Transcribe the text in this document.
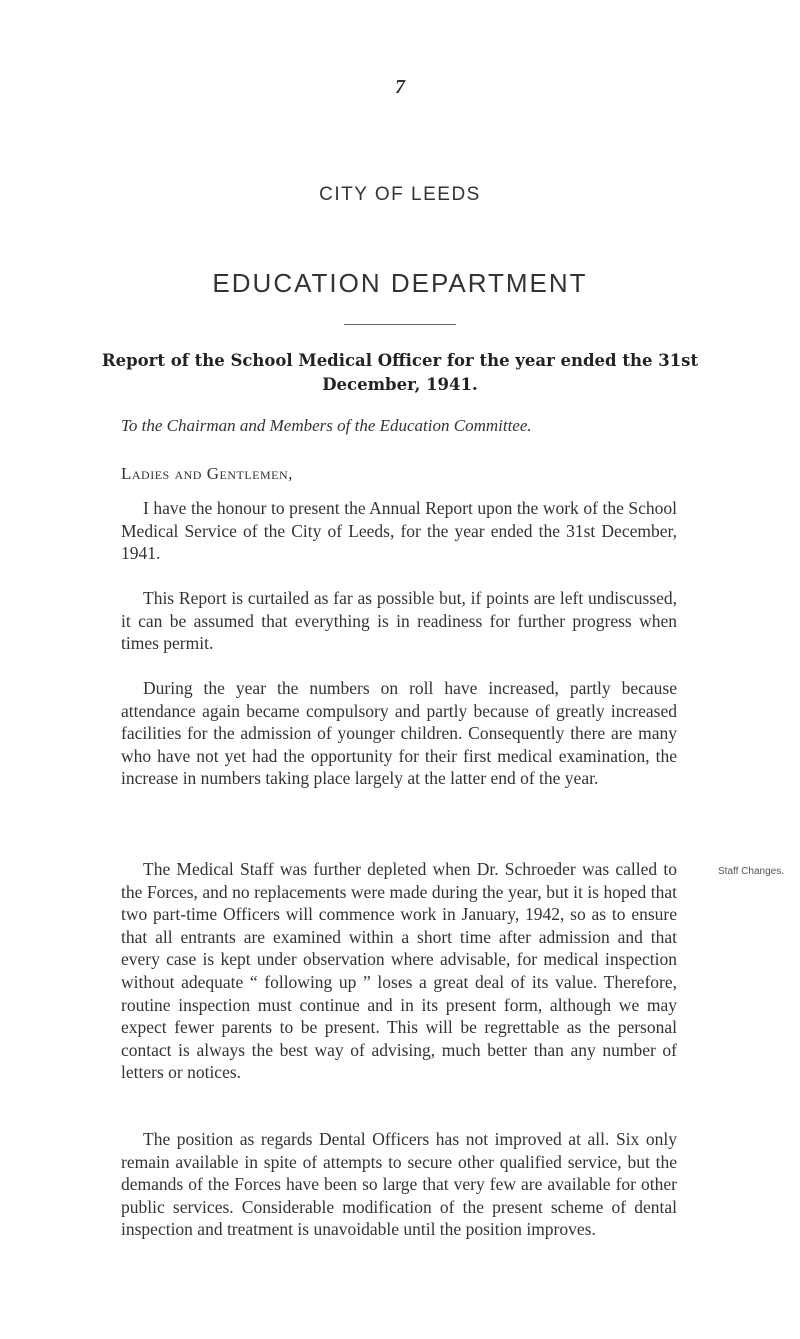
7
CITY OF LEEDS
EDUCATION DEPARTMENT
Report of the School Medical Officer for the year ended the 31st December, 1941.
To the Chairman and Members of the Education Committee.
Ladies and Gentlemen,

I have the honour to present the Annual Report upon the work of the School Medical Service of the City of Leeds, for the year ended the 31st December, 1941.

This Report is curtailed as far as possible but, if points are left undiscussed, it can be assumed that everything is in readiness for further progress when times permit.

During the year the numbers on roll have increased, partly because attendance again became compulsory and partly because of greatly increased facilities for the admission of younger children. Consequently there are many who have not yet had the opportunity for their first medical examination, the increase in numbers taking place largely at the latter end of the year.

The Medical Staff was further depleted when Dr. Schroeder was called to the Forces, and no replacements were made during the year, but it is hoped that two part-time Officers will commence work in January, 1942, so as to ensure that all entrants are examined within a short time after admission and that every case is kept under observation where advisable, for medical inspection without adequate “ following up ” loses a great deal of its value. Therefore, routine inspection must continue and in its present form, although we may expect fewer parents to be present. This will be regrettable as the personal contact is always the best way of advising, much better than any number of letters or notices.

Staff Changes.

The position as regards Dental Officers has not improved at all. Six only remain available in spite of attempts to secure other qualified service, but the demands of the Forces have been so large that very few are available for other public services. Considerable modification of the present scheme of dental inspection and treatment is unavoidable until the position improves.
